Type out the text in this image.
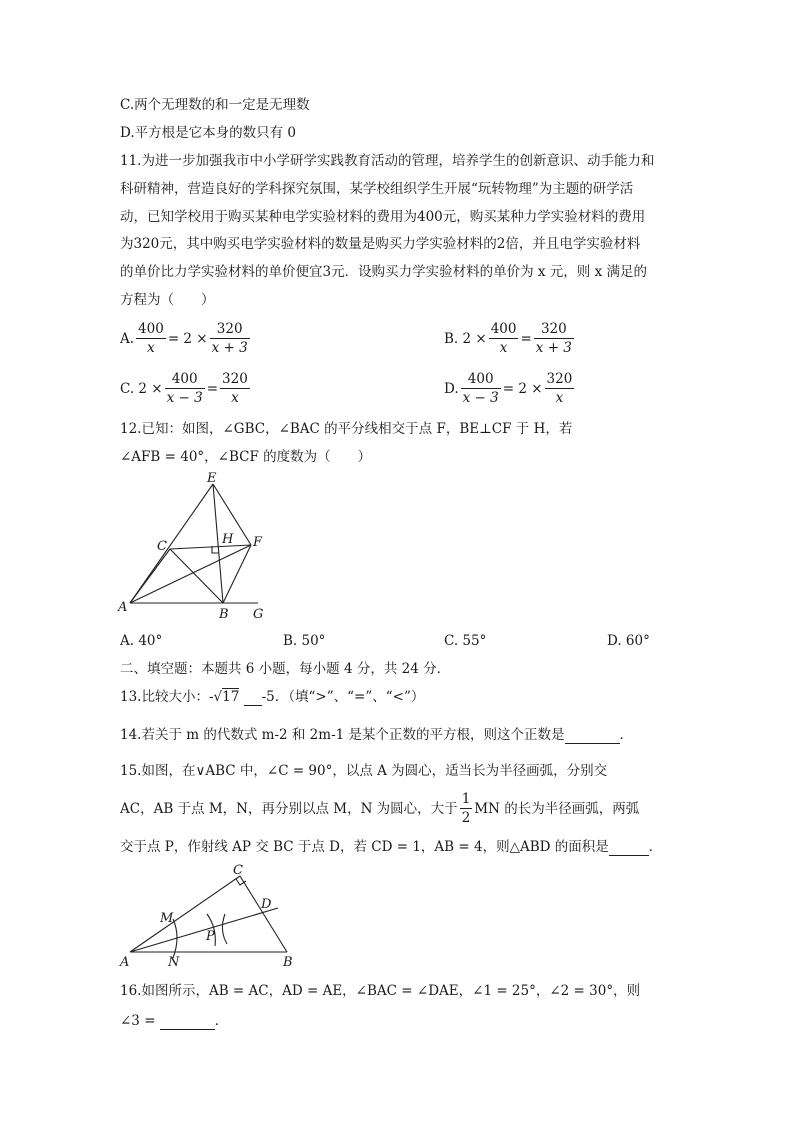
C.两个无理数的和一定是无理数
D.平方根是它本身的数只有 0
11.为进一步加强我市中小学研学实践教育活动的管理，培养学生的创新意识、动手能力和
科研精神，营造良好的学科探究氛围，某学校组织学生开展“玩转物理”为主题的研学活
动，已知学校用于购买某种电学实验材料的费用为400元，购买某种力学实验材料的费用
为320元，其中购买电学实验材料的数量是购买力学实验材料的2倍，并且电学实验材料
的单价比力学实验材料的单价便宜3元．设购买力学实验材料的单价为 x 元，则 x 满足的
方程为（　　）
A. $\frac{400}{x} = 2 \times \frac{320}{x + 3}$	B. $2 \times \frac{400}{x} = \frac{320}{x + 3}$
C. $2 \times \frac{400}{x - 3} = \frac{320}{x}$	D. $\frac{400}{x - 3} = 2 \times \frac{320}{x}$
12.已知：如图，∠GBC，∠BAC 的平分线相交于点 F，BE⊥CF 于 H，若
∠AFB = 40°，∠BCF 的度数为（　　）
E
C	H F
A	B G
A. 40°	B. 50°	C. 55°	D. 60°
二、填空题：本题共 6 小题，每小题 4 分，共 24 分．
13.比较大小：-√17 -5．（填“>”、“=”、“<”）
14.若关于 m 的代数式 m-2 和 2m-1 是某个正数的平方根，则这个正数是	．
15.如图，在∨ABC 中，∠C = 90°，以点 A 为圆心，适当长为半径画弧，分别交
AC，AB 于点 M，N，再分别以点 M，N 为圆心，大于 $\frac{1}{2}$ MN 的长为半径画弧，两弧
交于点 P，作射线 AP 交 BC 于点 D，若 CD = 1，AB = 4，则△ABD 的面积是	．
C
M
D
P
A	N	B
16.如图所示，AB = AC，AD = AE，∠BAC = ∠DAE，∠1 = 25°，∠2 = 30°，则
∠3 =	．
